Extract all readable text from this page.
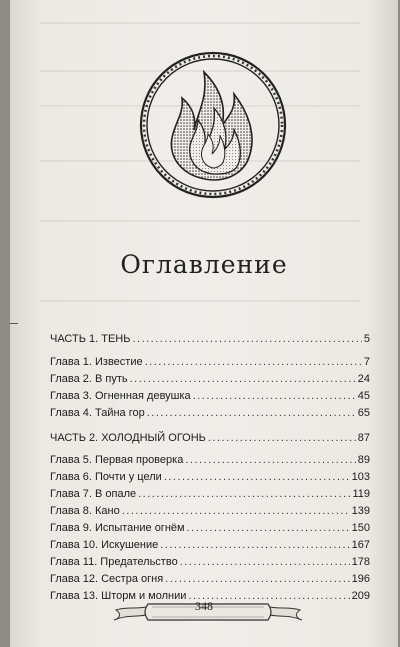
Оглавление
ЧАСТЬ 1. ТЕНЬ .....	5
Глава 1. Известие .....	7
Глава 2. В путь .....	24
Глава 3. Огненная девушка .....	45
Глава 4. Тайна гор .....	65
ЧАСТЬ 2. ХОЛОДНЫЙ ОГОНЬ .....	87
Глава 5. Первая проверка .....	89
Глава 6. Почти у цели .....	103
Глава 7. В опале .....	119
Глава 8. Кано .....	139
Глава 9. Испытание огнём .....	150
Глава 10. Искушение .....	167
Глава 11. Предательство .....	178
Глава 12. Сестра огня .....	196
Глава 13. Шторм и молнии .....	209
348
